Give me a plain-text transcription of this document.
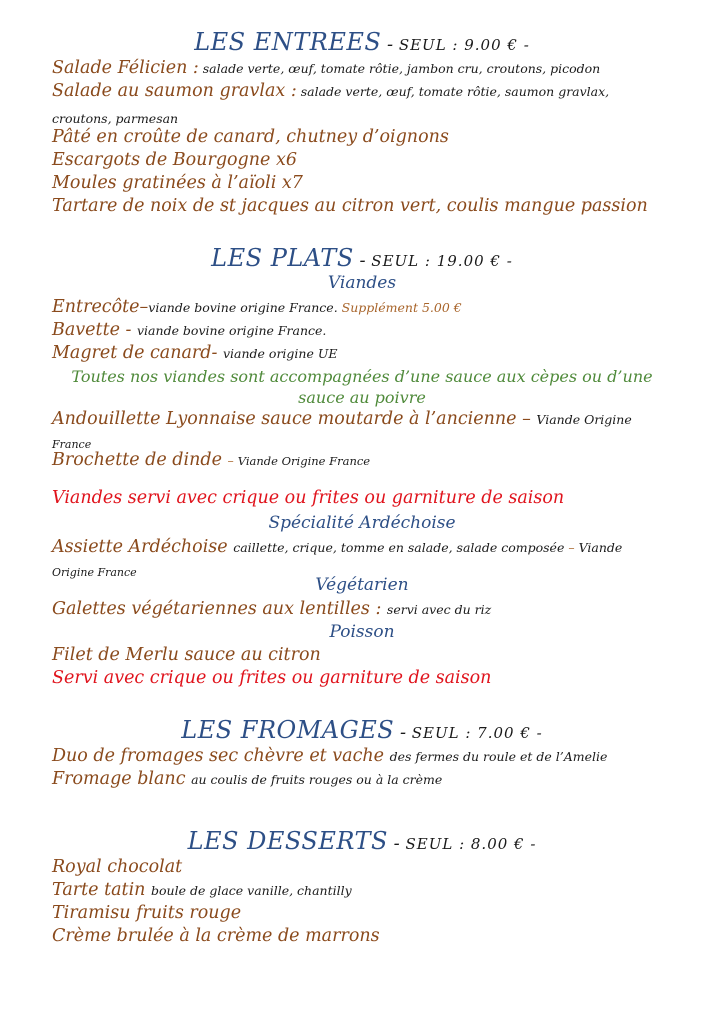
LES ENTREES - SEUL : 9.00 € -
Salade Félicien : salade verte, œuf, tomate rôtie, jambon cru, croutons, picodon
Salade au saumon gravlax : salade verte, œuf, tomate rôtie, saumon gravlax,
croutons, parmesan
Pâté en croûte de canard, chutney d’oignons
Escargots de Bourgogne x6
Moules gratinées à l’aïoli x7
Tartare de noix de st jacques au citron vert, coulis mangue passion
LES PLATS - SEUL : 19.00 € -
Viandes
Entrecôte–viande bovine origine France. Supplément 5.00 €
Bavette - viande bovine origine France.
Magret de canard- viande origine UE
Toutes nos viandes sont accompagnées d’une sauce aux cèpes ou d’une
sauce au poivre
Andouillette Lyonnaise sauce moutarde à l’ancienne – Viande Origine
France
Brochette de dinde – Viande Origine France
Viandes servi avec crique ou frites ou garniture de saison
Spécialité Ardéchoise
Assiette Ardéchoise caillette, crique, tomme en salade, salade composée – Viande
Origine France
Végétarien
Galettes végétariennes aux lentilles : servi avec du riz
Poisson
Filet de Merlu sauce au citron
Servi avec crique ou frites ou garniture de saison
LES FROMAGES - SEUL : 7.00 € -
Duo de fromages sec chèvre et vache des fermes du roule et de l’Amelie
Fromage blanc au coulis de fruits rouges ou à la crème
LES DESSERTS - SEUL : 8.00 € -
Royal chocolat
Tarte tatin boule de glace vanille, chantilly
Tiramisu fruits rouge
Crème brulée à la crème de marrons
